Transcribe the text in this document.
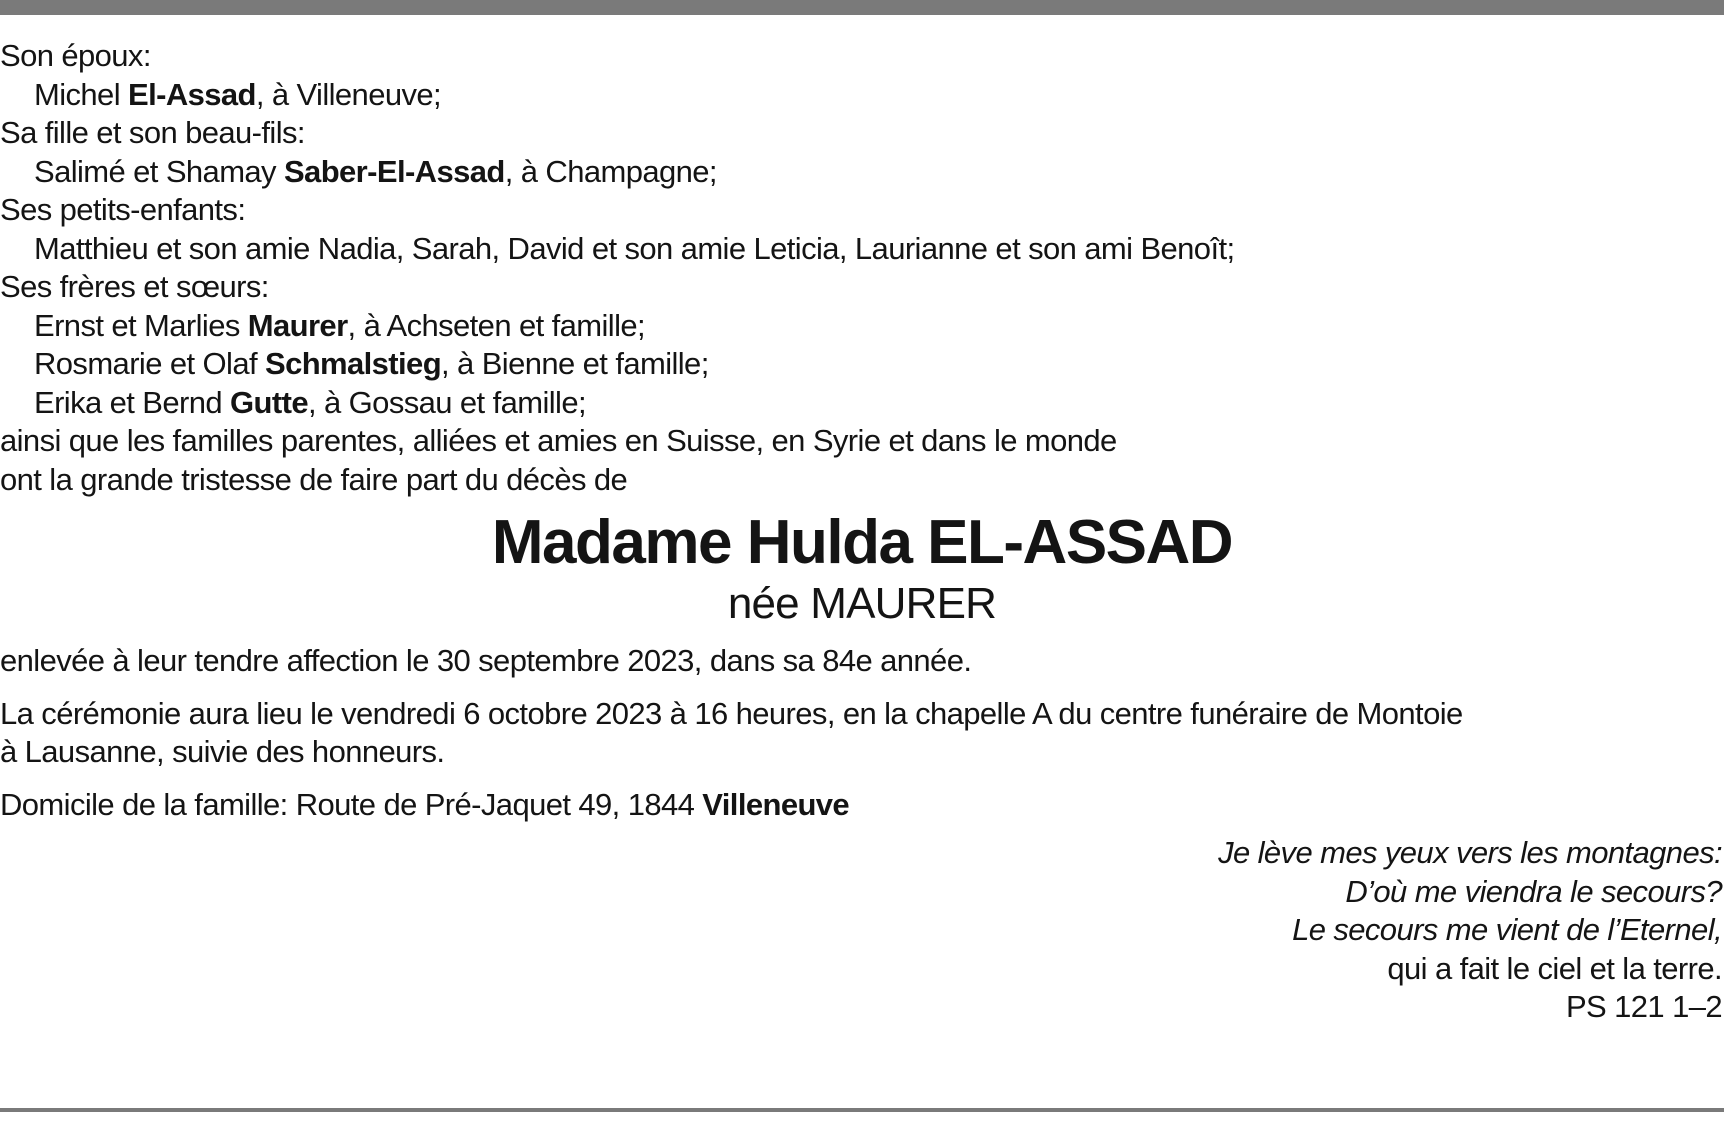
Son époux:

Michel El-Assad, à Villeneuve;

Sa fille et son beau-fils:

Salimé et Shamay Saber-El-Assad, à Champagne;

Ses petits-enfants:

Matthieu et son amie Nadia, Sarah, David et son amie Leticia, Laurianne et son ami Benoît;

Ses frères et sœurs:

Ernst et Marlies Maurer, à Achseten et famille;

Rosmarie et Olaf Schmalstieg, à Bienne et famille;

Erika et Bernd Gutte, à Gossau et famille;

ainsi que les familles parentes, alliées et amies en Suisse, en Syrie et dans le monde

ont la grande tristesse de faire part du décès de

Madame Hulda EL-ASSAD
née MAURER

enlevée à leur tendre affection le 30 septembre 2023, dans sa 84e année.

La cérémonie aura lieu le vendredi 6 octobre 2023 à 16 heures, en la chapelle A du centre funéraire de Montoie

à Lausanne, suivie des honneurs.

Domicile de la famille: Route de Pré-Jaquet 49, 1844 Villeneuve

Je lève mes yeux vers les montagnes:

D’où me viendra le secours?

Le secours me vient de l’Eternel,

qui a fait le ciel et la terre.

PS 121 1–2
